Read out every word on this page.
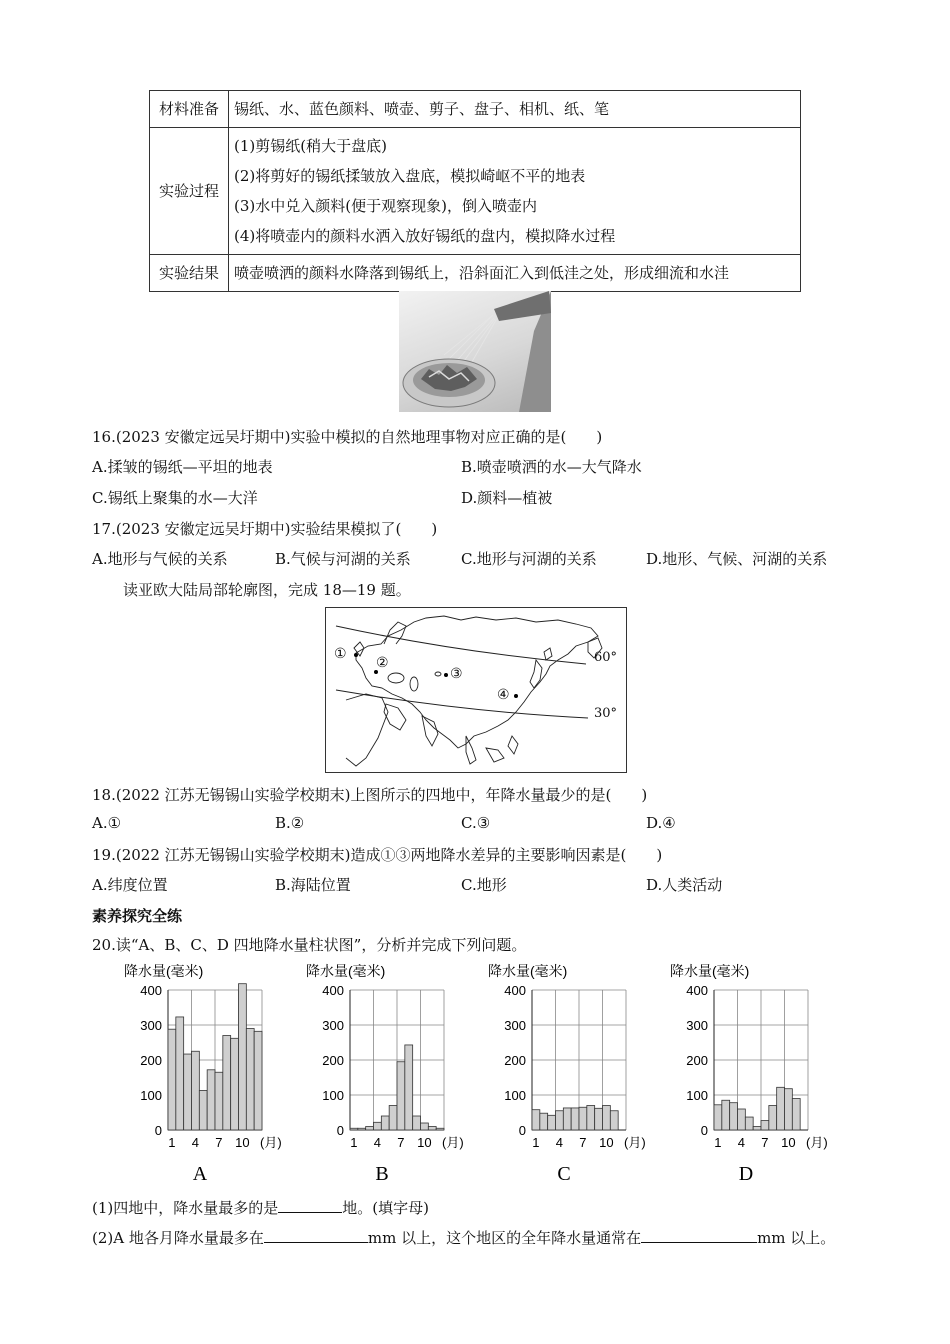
材料准备	锡纸、水、蓝色颜料、喷壶、剪子、盘子、相机、纸、笔
实验过程	(1)剪锡纸(稍大于盘底)
(2)将剪好的锡纸揉皱放入盘底，模拟崎岖不平的地表
(3)水中兑入颜料(便于观察现象)，倒入喷壶内
(4)将喷壶内的颜料水洒入放好锡纸的盘内，模拟降水过程

实验结果	喷壶喷洒的颜料水降落到锡纸上，沿斜面汇入到低洼之处，形成细流和水洼
16.(2023 安徽定远吴圩期中)实验中模拟的自然地理事物对应正确的是(　　)
A.揉皱的锡纸—平坦的地表	B.喷壶喷洒的水—大气降水
C.锡纸上聚集的水—大洋	D.颜料—植被
17.(2023 安徽定远吴圩期中)实验结果模拟了(　　)
A.地形与气候的关系	B.气候与河湖的关系	C.地形与河湖的关系	D.地形、气候、河湖的关系
读亚欧大陆局部轮廓图，完成 18—19 题。
①
②
③
④
60°
30°
18.(2022 江苏无锡锡山实验学校期末)上图所示的四地中，年降水量最少的是(　　)
A.①	B.②	C.③	D.④
19.(2022 江苏无锡锡山实验学校期末)造成①③两地降水差异的主要影响因素是(　　)
A.纬度位置	B.海陆位置	C.地形	D.人类活动
素养探究全练
20.读“A、B、C、D 四地降水量柱状图”，分析并完成下列问题。
降水量(毫米)
0
100
200
300
400
1 4 7 10 (月)
A
降水量(毫米)
0
100
200
300
400
1 4 7 10 (月)
B
降水量(毫米)
0
100
200
300
400
1 4 7 10 (月)
C
降水量(毫米)
0
100
200
300
400
1 4 7 10 (月)
D
(1)四地中，降水量最多的是	地。(填字母)
(2)A 地各月降水量最多在	mm 以上，这个地区的全年降水量通常在	mm 以上。
